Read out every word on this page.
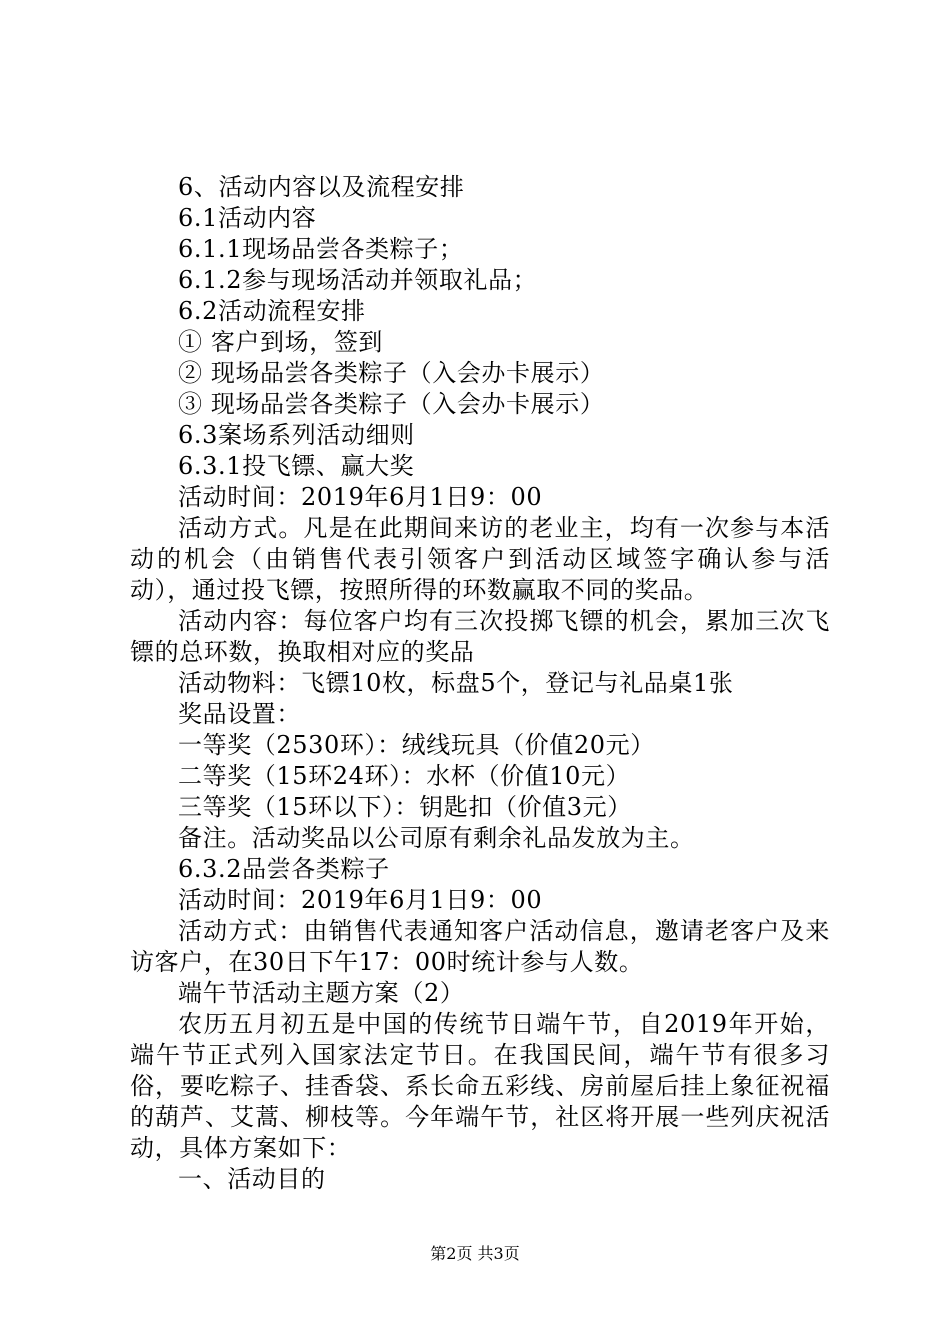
6、活动内容以及流程安排

6.1活动内容

6.1.1现场品尝各类粽子；

6.1.2参与现场活动并领取礼品；

6.2活动流程安排

① 客户到场，签到

② 现场品尝各类粽子（入会办卡展示）

③ 现场品尝各类粽子（入会办卡展示）

6.3案场系列活动细则

6.3.1投飞镖、赢大奖

活动时间：2019年6月1日9：00

活动方式。凡是在此期间来访的老业主，均有一次参与本活动的机会（由销售代表引领客户到活动区域签字确认参与活动），通过投飞镖，按照所得的环数赢取不同的奖品。

活动内容：每位客户均有三次投掷飞镖的机会，累加三次飞镖的总环数，换取相对应的奖品

活动物料：飞镖10枚，标盘5个，登记与礼品桌1张

奖品设置：

一等奖（2530环）：绒线玩具（价值20元）

二等奖（15环24环）：水杯（价值10元）

三等奖（15环以下）：钥匙扣（价值3元）

备注。活动奖品以公司原有剩余礼品发放为主。

6.3.2品尝各类粽子

活动时间：2019年6月1日9：00

活动方式：由销售代表通知客户活动信息，邀请老客户及来访客户，在30日下午17：00时统计参与人数。

端午节活动主题方案（2）

农历五月初五是中国的传统节日端午节，自2019年开始，端午节正式列入国家法定节日。在我国民间，端午节有很多习俗，要吃粽子、挂香袋、系长命五彩线、房前屋后挂上象征祝福的葫芦、艾蒿、柳枝等。今年端午节，社区将开展一些列庆祝活动，具体方案如下：

一、活动目的

第2页 共3页
